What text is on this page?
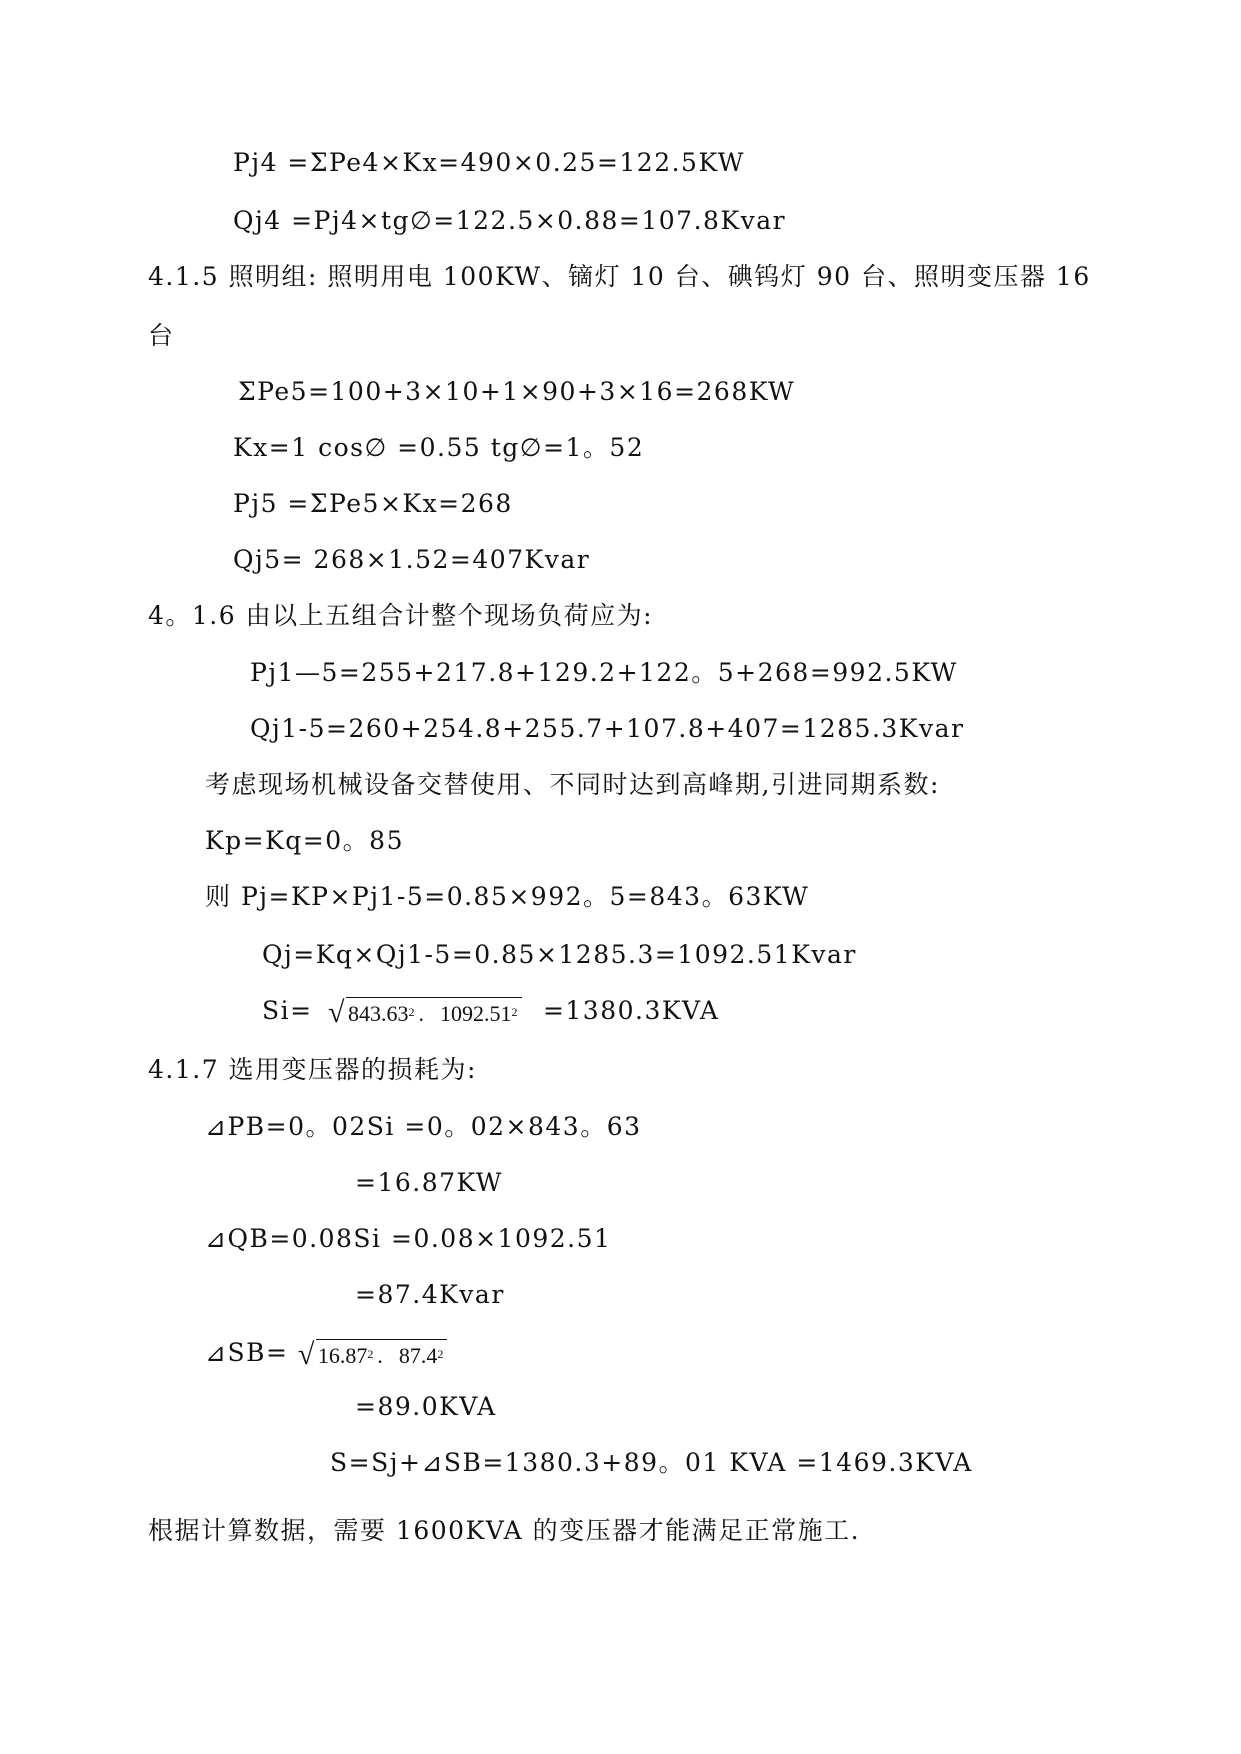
Pj4 =ΣPe4×Kx=490×0.25=122.5KW
Qj4 =Pj4×tg∅=122.5×0.88=107.8Kvar
4.1.5 照明组: 照明用电 100KW、镝灯 10 台、碘钨灯 90 台、照明变压器 16
台
ΣPe5=100+3×10+1×90+3×16=268KW
Kx=1 cos∅ =0.55 tg∅=1。52
Pj5 =ΣPe5×Kx=268
Qj5= 268×1.52=407Kvar
4。1.6 由以上五组合计整个现场负荷应为:
Pj1—5=255+217.8+129.2+122。5+268=992.5KW
Qj1-5=260+254.8+255.7+107.8+407=1285.3Kvar
考虑现场机械设备交替使用、不同时达到高峰期,引进同期系数:
Kp=Kq=0。85
则 Pj=KP×Pj1-5=0.85×992。5=843。63KW
Qj=Kq×Qj1-5=0.85×1285.3=1092.51Kvar
$Si= √843.63^2$ . $1092.51^2 =1380.3KVA$
4.1.7 选用变压器的损耗为:
⊿PB=0。02Si =0。02×843。63
=16.87KW
⊿QB=0.08Si =0.08×1092.51
=87.4Kvar
⊿SB= $√16.87^2$ . $87.4^2$
=89.0KVA
S=Sj+⊿SB=1380.3+89。01 KVA =1469.3KVA
根据计算数据，需要 1600KVA 的变压器才能满足正常施工.
